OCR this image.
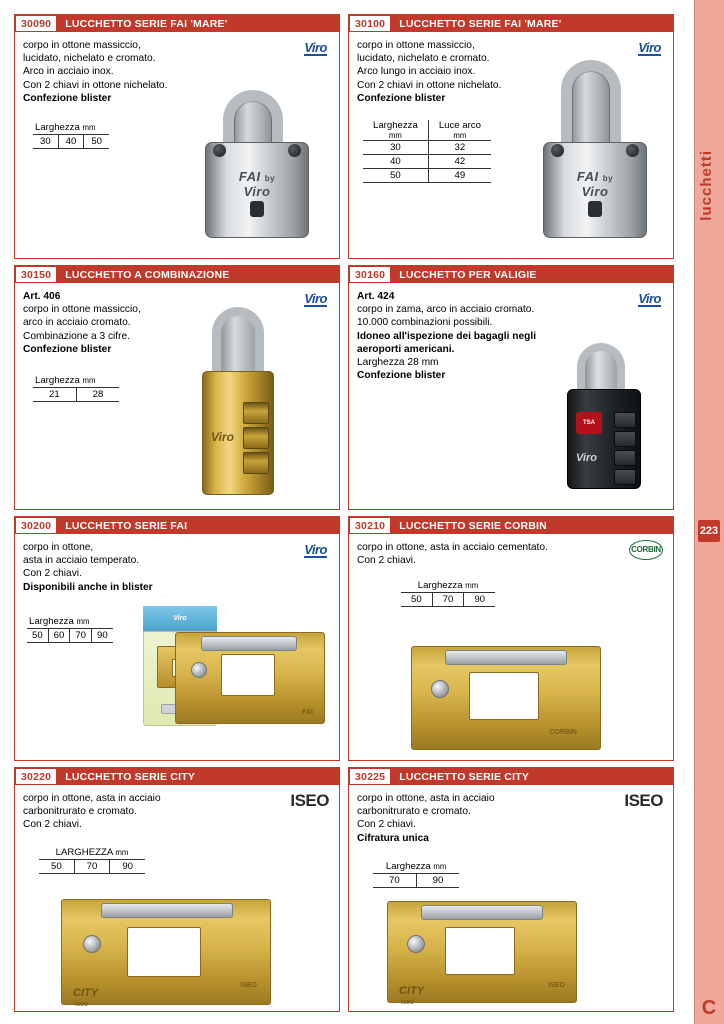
30090	LUCCHETTO SERIE FAI 'MARE'
corpo in ottone massiccio,
lucidato, nichelato e cromato.
Arco in acciaio inox.
Con 2 chiavi in ottone nichelato.
Confezione blister
Viro
Larghezza mm
30	40	50
FAI by
Viro
30100	LUCCHETTO SERIE FAI 'MARE'
corpo in ottone massiccio,
lucidato, nichelato e cromato.
Arco lungo in acciaio inox.
Con 2 chiavi in ottone nichelato.
Confezione blister
Viro
Larghezza
mm	Luce arco
mm

30	32
40	42
50	49	FAI by
Viro
30150	LUCCHETTO A COMBINAZIONE
Art. 406
corpo in ottone massiccio,
arco in acciaio cromato.
Combinazione a 3 cifre.
Confezione blister
Viro
Larghezza mm
21	28
Viro
30160	LUCCHETTO PER VALIGIE
Art. 424
corpo in zama, arco in acciaio cromato.
10.000 combinazioni possibili.
Idoneo all'ispezione dei bagagli negli aeroporti americani.
Larghezza 28 mm
Confezione blister
Viro
TSA
Viro
30200	LUCCHETTO SERIE FAI
corpo in ottone,
asta in acciaio temperato.
Con 2 chiavi.
Disponibili anche in blister
Viro
Larghezza mm
50	60	70	90
Viro
FAI
30210	LUCCHETTO SERIE CORBIN
corpo in ottone, asta in acciaio cementato.
Con 2 chiavi.
CORBIN
Larghezza mm
50	70	90
CORBIN
30220	LUCCHETTO SERIE CITY
corpo in ottone, asta in acciaio
carbonitrurato e cromato.
Con 2 chiavi.
ISEO
LARGHEZZA mm
50	70	90
CITY
iseo
ISEO
30225	LUCCHETTO SERIE CITY
corpo in ottone, asta in acciaio
carbonitrurato e cromato.
Con 2 chiavi.
Cifratura unica
ISEO
Larghezza mm
70	90
CITY
iseo
ISEO
lucchetti
223
C
